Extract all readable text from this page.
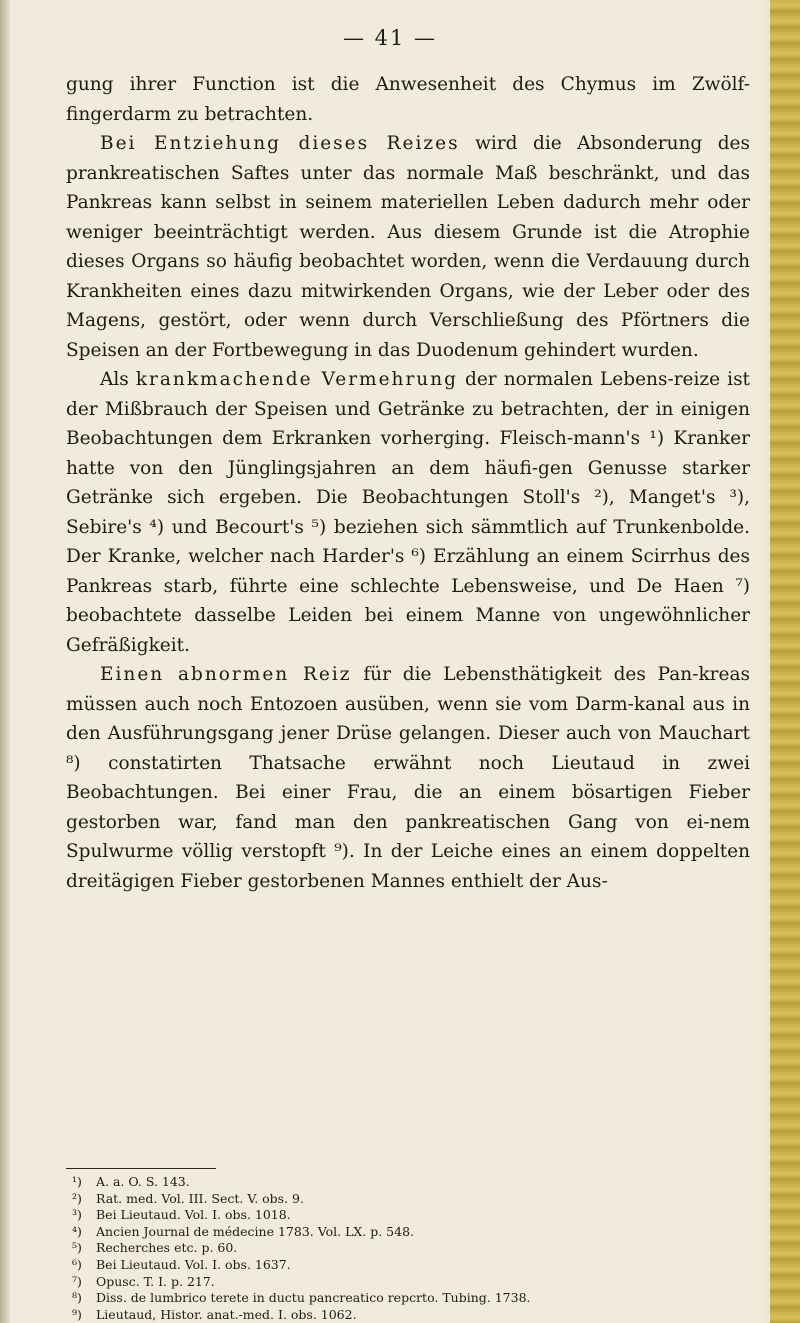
— 41 —

gung ihrer Function ist die Anwesenheit des Chymus im Zwölf-fingerdarm zu betrachten.

Bei Entziehung dieses Reizes wird die Absonderung des prankreatischen Saftes unter das normale Maß beschränkt, und das Pankreas kann selbst in seinem materiellen Leben dadurch mehr oder weniger beeinträchtigt werden. Aus diesem Grunde ist die Atrophie dieses Organs so häufig beobachtet worden, wenn die Verdauung durch Krankheiten eines dazu mitwirkenden Organs, wie der Leber oder des Magens, gestört, oder wenn durch Verschließung des Pförtners die Speisen an der Fortbewegung in das Duodenum gehindert wurden.

Als krankmachende Vermehrung der normalen Lebens-reize ist der Mißbrauch der Speisen und Getränke zu betrachten, der in einigen Beobachtungen dem Erkranken vorherging. Fleisch-mann's ¹) Kranker hatte von den Jünglingsjahren an dem häufi-gen Genusse starker Getränke sich ergeben. Die Beobachtungen Stoll's ²), Manget's ³), Sebire's ⁴) und Becourt's ⁵) beziehen sich sämmtlich auf Trunkenbolde. Der Kranke, welcher nach Harder's ⁶) Erzählung an einem Scirrhus des Pankreas starb, führte eine schlechte Lebensweise, und De Haen ⁷) beobachtete dasselbe Leiden bei einem Manne von ungewöhnlicher Gefräßigkeit.

Einen abnormen Reiz für die Lebensthätigkeit des Pan-kreas müssen auch noch Entozoen ausüben, wenn sie vom Darm-kanal aus in den Ausführungsgang jener Drüse gelangen. Dieser auch von Mauchart ⁸) constatirten Thatsache erwähnt noch Lieutaud in zwei Beobachtungen. Bei einer Frau, die an einem bösartigen Fieber gestorben war, fand man den pankreatischen Gang von ei-nem Spulwurme völlig verstopft ⁹). In der Leiche eines an einem doppelten dreitägigen Fieber gestorbenen Mannes enthielt der Aus-

¹) A. a. O. S. 143.
²) Rat. med. Vol. III. Sect. V. obs. 9.
³) Bei Lieutaud. Vol. I. obs. 1018.
⁴) Ancien Journal de médecine 1783. Vol. LX. p. 548.
⁵) Recherches etc. p. 60.
⁶) Bei Lieutaud. Vol. I. obs. 1637.
⁷) Opusc. T. I. p. 217.
⁸) Diss. de lumbrico terete in ductu pancreatico repcrto. Tubing. 1738.
⁹) Lieutaud, Histor. anat.-med. I. obs. 1062.
